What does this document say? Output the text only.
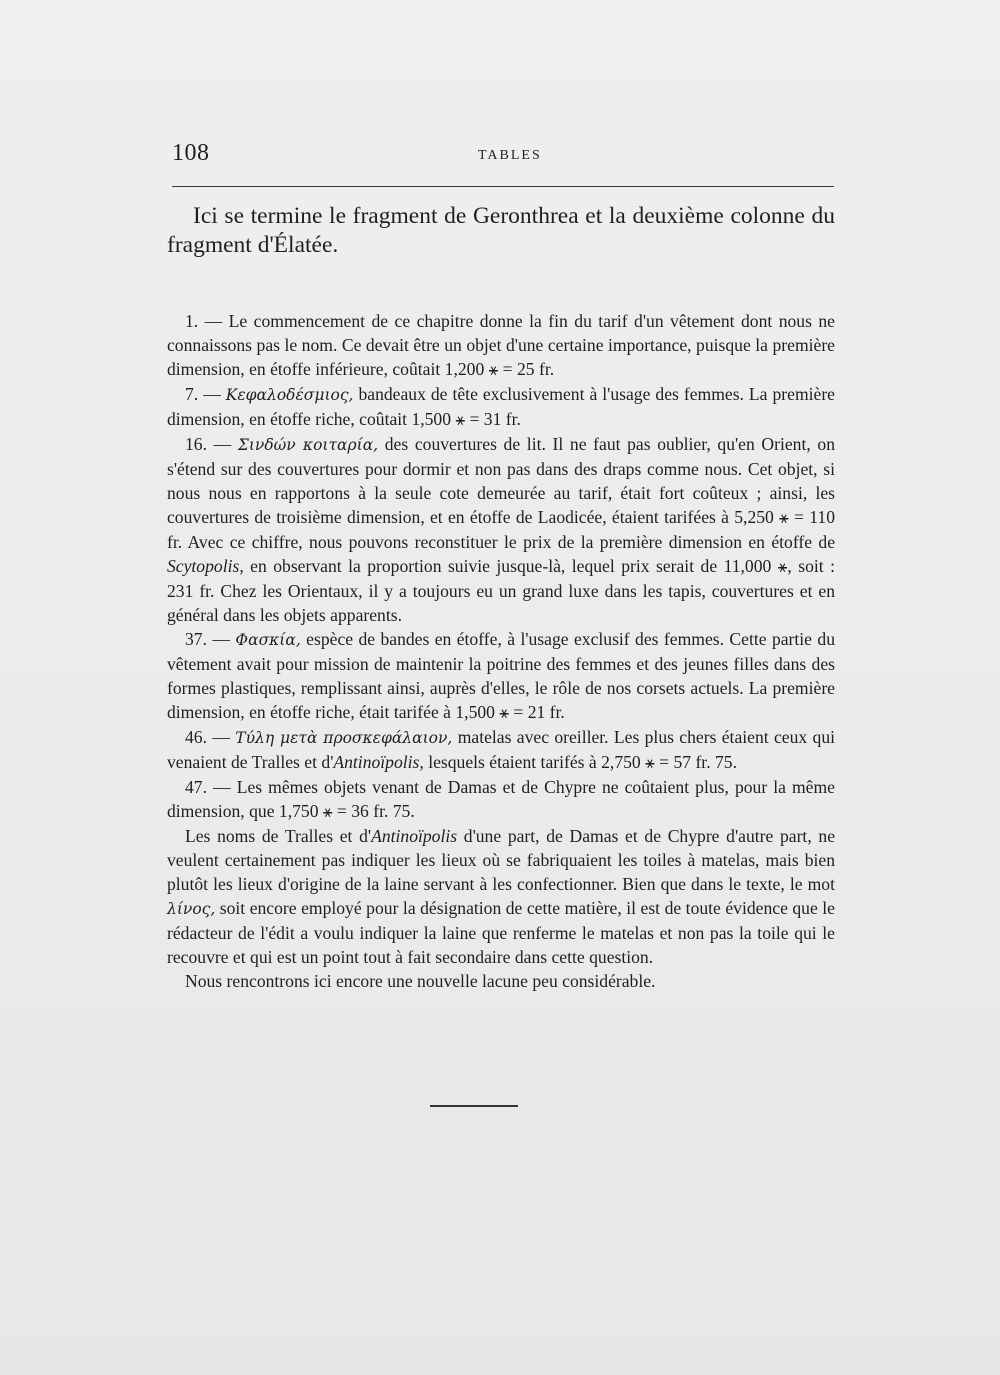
108	TABLES

Ici se termine le fragment de Geronthrea et la deuxième colonne du fragment d'Élatée.

1. — Le commencement de ce chapitre donne la fin du tarif d'un vêtement dont nous ne connaissons pas le nom. Ce devait être un objet d'une certaine importance, puisque la première dimension, en étoffe inférieure, coûtait 1,200 ⚹ = 25 fr.

7. — Κεφαλοδέσμιος, bandeaux de tête exclusivement à l'usage des femmes. La première dimension, en étoffe riche, coûtait 1,500 ⚹ = 31 fr.

16. — Σινδών κοιταρία, des couvertures de lit. Il ne faut pas oublier, qu'en Orient, on s'étend sur des couvertures pour dormir et non pas dans des draps comme nous. Cet objet, si nous nous en rapportons à la seule cote demeurée au tarif, était fort coûteux ; ainsi, les couvertures de troisième dimension, et en étoffe de Laodicée, étaient tarifées à 5,250 ⚹ = 110 fr. Avec ce chiffre, nous pouvons reconstituer le prix de la première dimension en étoffe de Scytopolis, en observant la proportion suivie jusque-là, lequel prix serait de 11,000 ⚹, soit : 231 fr. Chez les Orientaux, il y a toujours eu un grand luxe dans les tapis, couvertures et en général dans les objets apparents.

37. — Φασκία, espèce de bandes en étoffe, à l'usage exclusif des femmes. Cette partie du vêtement avait pour mission de maintenir la poitrine des femmes et des jeunes filles dans des formes plastiques, remplissant ainsi, auprès d'elles, le rôle de nos corsets actuels. La première dimension, en étoffe riche, était tarifée à 1,500 ⚹ = 21 fr.

46. — Τύλη μετὰ προσκεφάλαιον, matelas avec oreiller. Les plus chers étaient ceux qui venaient de Tralles et d'Antinoïpolis, lesquels étaient tarifés à 2,750 ⚹ = 57 fr. 75.

47. — Les mêmes objets venant de Damas et de Chypre ne coûtaient plus, pour la même dimension, que 1,750 ⚹ = 36 fr. 75.

Les noms de Tralles et d'Antinoïpolis d'une part, de Damas et de Chypre d'autre part, ne veulent certainement pas indiquer les lieux où se fabriquaient les toiles à matelas, mais bien plutôt les lieux d'origine de la laine servant à les confectionner. Bien que dans le texte, le mot λίνος, soit encore employé pour la désignation de cette matière, il est de toute évidence que le rédacteur de l'édit a voulu indiquer la laine que renferme le matelas et non pas la toile qui le recouvre et qui est un point tout à fait secondaire dans cette question.

Nous rencontrons ici encore une nouvelle lacune peu considérable.
